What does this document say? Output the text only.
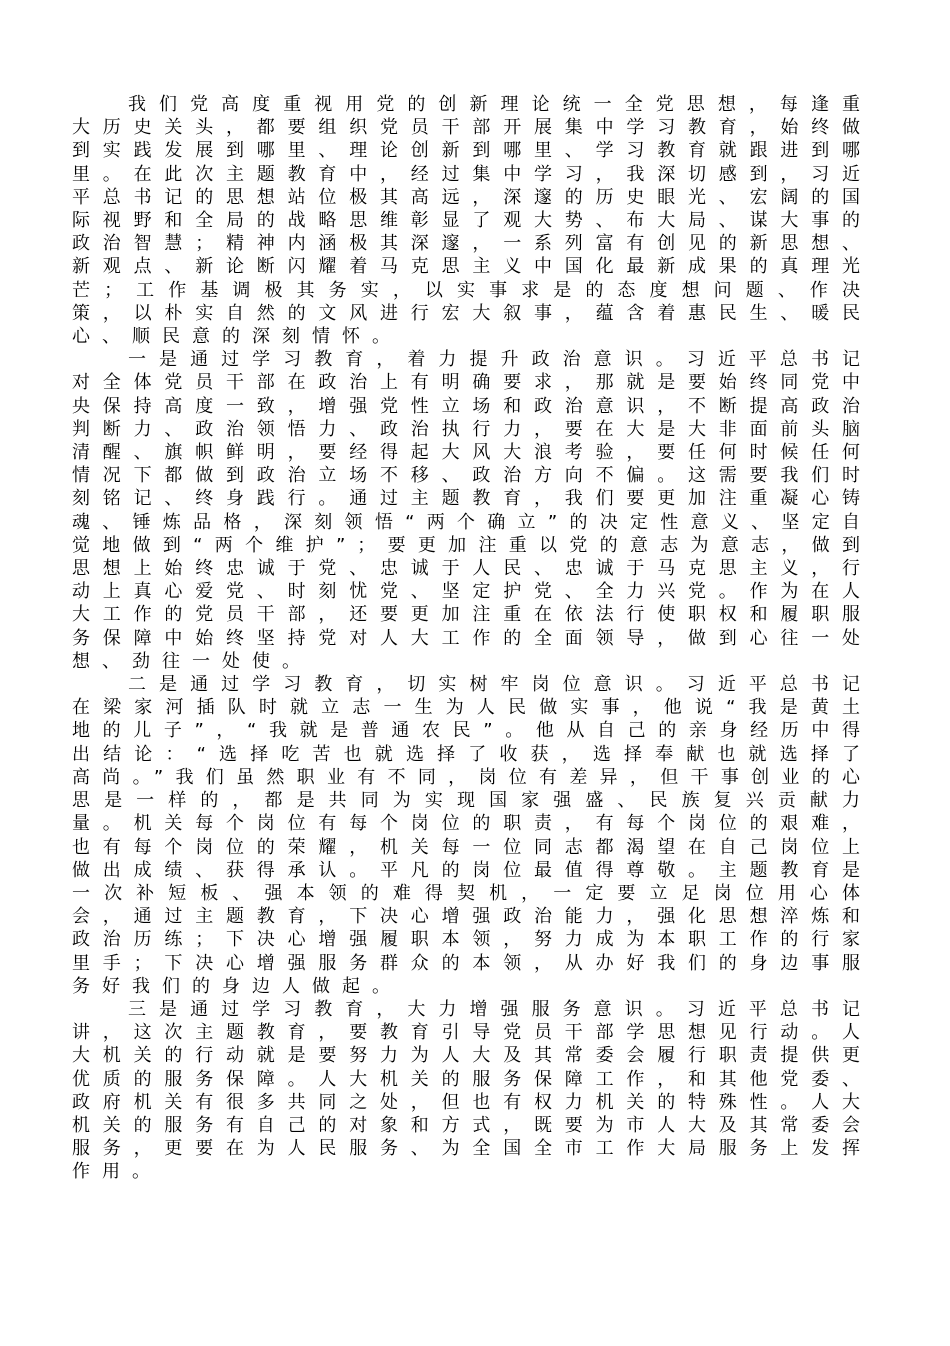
我们党高度重视用党的创新理论统一全党思想，每逢重大历史关头，都要组织党员干部开展集中学习教育，始终做到实践发展到哪里、理论创新到哪里、学习教育就跟进到哪里。在此次主题教育中，经过集中学习，我深切感到，习近平总书记的思想站位极其高远，深邃的历史眼光、宏阔的国际视野和全局的战略思维彰显了观大势、布大局、谋大事的政治智慧；精神内涵极其深邃，一系列富有创见的新思想、新观点、新论断闪耀着马克思主义中国化最新成果的真理光芒；工作基调极其务实，以实事求是的态度想问题、作决策，以朴实自然的文风进行宏大叙事，蕴含着惠民生、暖民心、顺民意的深刻情怀。

一是通过学习教育，着力提升政治意识。习近平总书记对全体党员干部在政治上有明确要求，那就是要始终同党中央保持高度一致，增强党性立场和政治意识，不断提高政治判断力、政治领悟力、政治执行力，要在大是大非面前头脑清醒、旗帜鲜明，要经得起大风大浪考验，要任何时候任何情况下都做到政治立场不移、政治方向不偏。这需要我们时刻铭记、终身践行。通过主题教育，我们要更加注重凝心铸魂、锤炼品格，深刻领悟“两个确立”的决定性意义、坚定自觉地做到“两个维护”；要更加注重以党的意志为意志，做到思想上始终忠诚于党、忠诚于人民、忠诚于马克思主义，行动上真心爱党、时刻忧党、坚定护党、全力兴党。作为在人大工作的党员干部，还要更加注重在依法行使职权和履职服务保障中始终坚持党对人大工作的全面领导，做到心往一处想、劲往一处使。

二是通过学习教育，切实树牢岗位意识。习近平总书记在梁家河插队时就立志一生为人民做实事，他说“我是黄土地的儿子”，“我就是普通农民”。他从自己的亲身经历中得出结论：“选择吃苦也就选择了收获，选择奉献也就选择了高尚。”我们虽然职业有不同，岗位有差异，但干事创业的心思是一样的，都是共同为实现国家强盛、民族复兴贡献力量。机关每个岗位有每个岗位的职责，有每个岗位的艰难，也有每个岗位的荣耀，机关每一位同志都渴望在自己岗位上做出成绩、获得承认。平凡的岗位最值得尊敬。主题教育是一次补短板、强本领的难得契机，一定要立足岗位用心体会，通过主题教育，下决心增强政治能力，强化思想淬炼和政治历练；下决心增强履职本领，努力成为本职工作的行家里手；下决心增强服务群众的本领，从办好我们的身边事服务好我们的身边人做起。

三是通过学习教育，大力增强服务意识。习近平总书记讲，这次主题教育，要教育引导党员干部学思想见行动。人大机关的行动就是要努力为人大及其常委会履行职责提供更优质的服务保障。人大机关的服务保障工作，和其他党委、政府机关有很多共同之处，但也有权力机关的特殊性。人大机关的服务有自己的对象和方式，既要为市人大及其常委会服务，更要在为人民服务、为全国全市工作大局服务上发挥作用。
